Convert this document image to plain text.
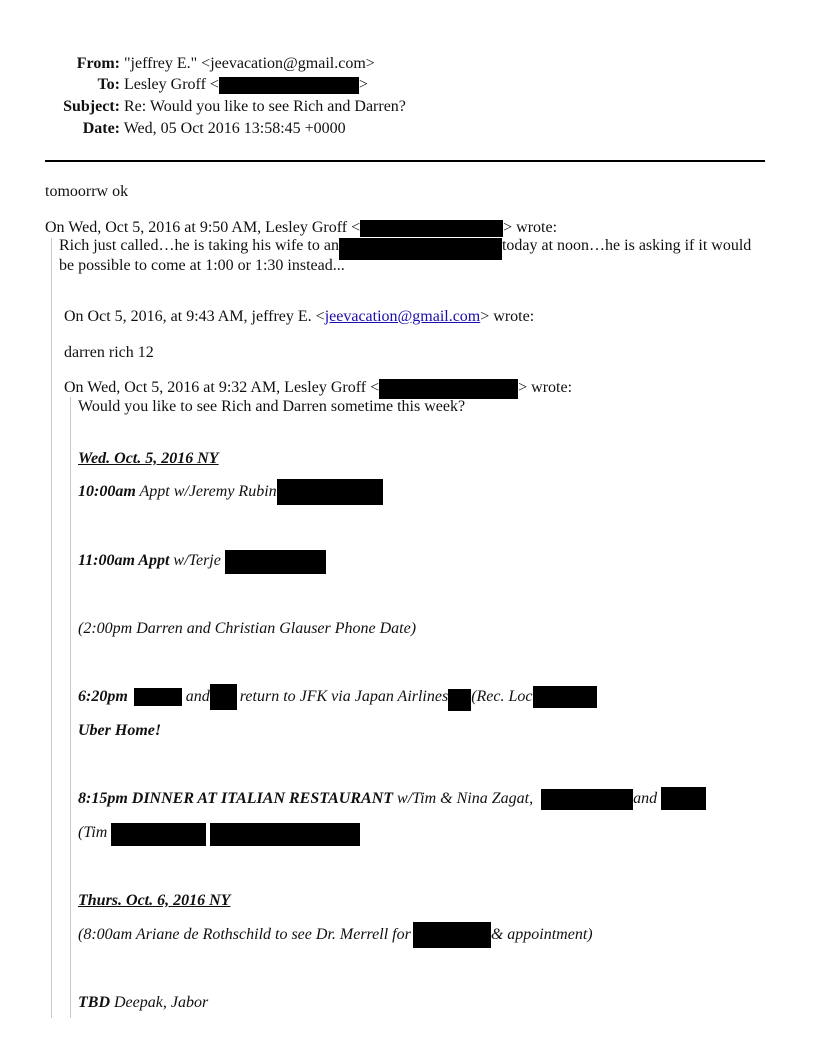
From: "jeffrey E." <jeevacation@gmail.com>
To: Lesley Groff <	>
Subject: Re: Would you like to see Rich and Darren?
Date: Wed, 05 Oct 2016 13:58:45 +0000
tomoorrw ok
On Wed, Oct 5, 2016 at 9:50 AM, Lesley Groff <	> wrote:
Rich just called…he is taking his wife to an	today at noon…he is asking if it would
be possible to come at 1:00 or 1:30 instead...
On Oct 5, 2016, at 9:43 AM, jeffrey E. <jeevacation@gmail.com> wrote:
darren rich 12
On Wed, Oct 5, 2016 at 9:32 AM, Lesley Groff <	> wrote:
Would you like to see Rich and Darren sometime this week?
Wed. Oct. 5, 2016 NY
10:00am Appt w/Jeremy Rubin
11:00am Appt w/Terje
(2:00pm Darren and Christian Glauser Phone Date)
6:20pm	and return to JFK via Japan Airlines (Rec. Loc
Uber Home!
8:15pm DINNER AT ITALIAN RESTAURANT w/Tim & Nina Zagat,	and
(Tim
Thurs. Oct. 6, 2016 NY
(8:00am Ariane de Rothschild to see Dr. Merrell for	& appointment)
TBD Deepak, Jabor
